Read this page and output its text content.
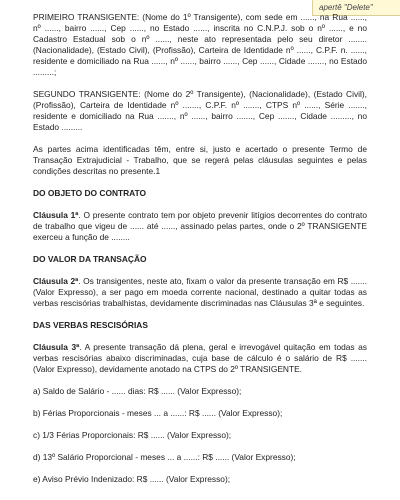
apertê "Delete"

PRIMEIRO TRANSIGENTE: (Nome do 1º Transigente), com sede em ......, na Rua ......, nº ......, bairro ......, Cep ......, no Estado ......, inscrita no C.N.P.J. sob o nº ......, e no Cadastro Estadual sob o nº ......, neste ato representada pelo seu diretor ........ (Nacionalidade), (Estado Civil), (Profissão), Carteira de Identidade nº ......, C.P.F. n. ......, residente e domiciliado na Rua ......, nº ......, bairro ......, Cep ......, Cidade ......., no Estado .........;

SEGUNDO TRANSIGENTE: (Nome do 2º Transigente), (Nacionalidade), (Estado Civil), (Profissão), Carteira de Identidade nº ......., C.P.F. nº ......., CTPS nº ......, Série ......., residente e domiciliado na Rua ......., nº ......, bairro ......., Cep ......., Cidade ........., no Estado .........

As partes acima identificadas têm, entre si, justo e acertado o presente Termo de Transação Extrajudicial - Trabalho, que se regerá pelas cláusulas seguintes e pelas condições descritas no presente.1

DO OBJETO DO CONTRATO

Cláusula 1ª. O presente contrato tem por objeto prevenir litígios decorrentes do contrato de trabalho que vigeu de ...... até ......, assinado pelas partes, onde o 2º TRANSIGENTE exerceu a função de ........

DO VALOR DA TRANSAÇÃO

Cláusula 2ª. Os transigentes, neste ato, fixam o valor da presente transação em R$ ....... (Valor Expresso), a ser pago em moeda corrente nacional, destinado a quitar todas as verbas rescisórias trabalhistas, devidamente discriminadas nas Cláusulas 3ª e seguintes.

DAS VERBAS RESCISÓRIAS

Cláusula 3ª. A presente transação dá plena, geral e irrevogável quitação em todas as verbas rescisórias abaixo discriminadas, cuja base de cálculo é o salário de R$ ....... (Valor Expresso), devidamente anotado na CTPS do 2º TRANSIGENTE.

a) Saldo de Salário - ...... dias: R$ ...... (Valor Expresso);

b) Férias Proporcionais - meses ... a ......: R$ ...... (Valor Expresso);

c) 1/3 Férias Proporcionais: R$ ...... (Valor Expresso);

d) 13º Salário Proporcional - meses ... a ......: R$ ...... (Valor Expresso);

e) Aviso Prévio Indenizado: R$ ...... (Valor Expresso);
